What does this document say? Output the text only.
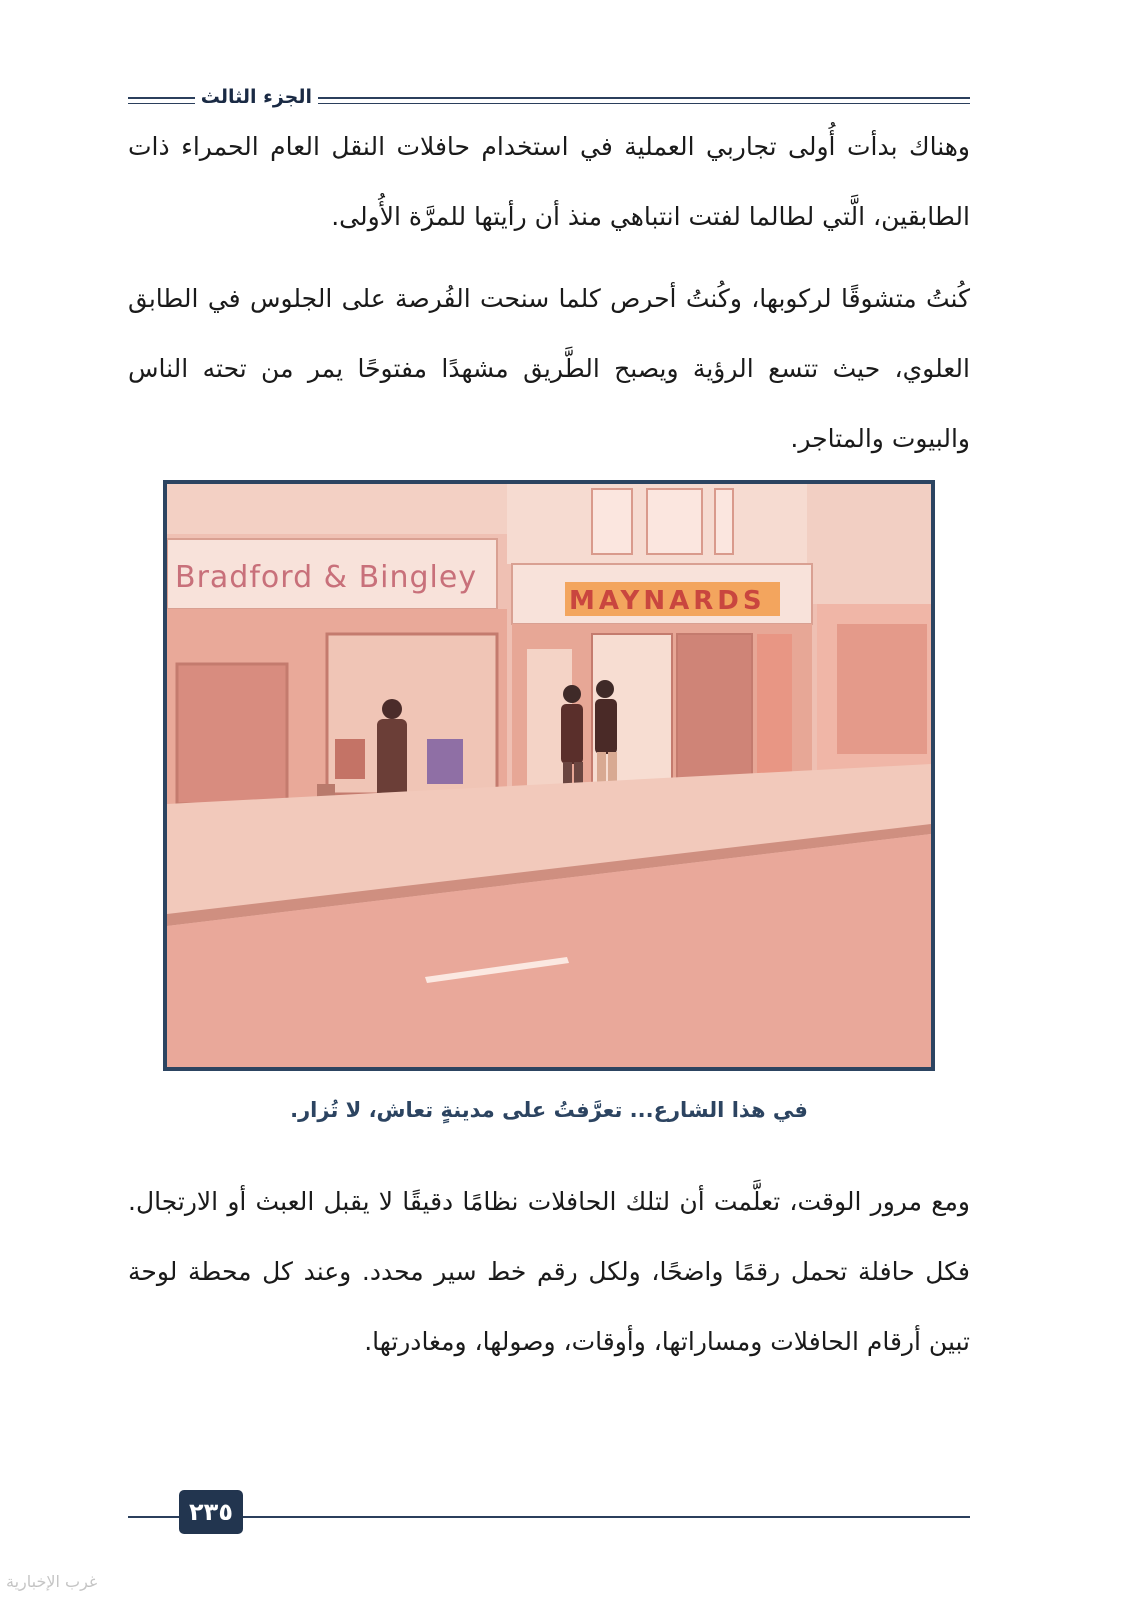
الجزء الثالث

وهناك بدأت أُولى تجاربي العملية في استخدام حافلات النقل العام الحمراء ذات الطابقين، الَّتي لطالما لفتت انتباهي منذ أن رأيتها للمرَّة الأُولى.

كُنتُ متشوقًا لركوبها، وكُنتُ أحرص كلما سنحت الفُرصة على الجلوس في الطابق العلوي، حيث تتسع الرؤية ويصبح الطَّريق مشهدًا مفتوحًا يمر من تحته الناس والبيوت والمتاجر.

Bradford & Bingley
MAYNARDS
في هذا الشارع... تعرَّفتُ على مدينةٍ تعاش، لا تُزار.

ومع مرور الوقت، تعلَّمت أن لتلك الحافلات نظامًا دقيقًا لا يقبل العبث أو الارتجال. فكل حافلة تحمل رقمًا واضحًا، ولكل رقم خط سير محدد. وعند كل محطة لوحة تبين أرقام الحافلات ومساراتها، وأوقات، وصولها، ومغادرتها.

٢٣٥
غرب الإخبارية
